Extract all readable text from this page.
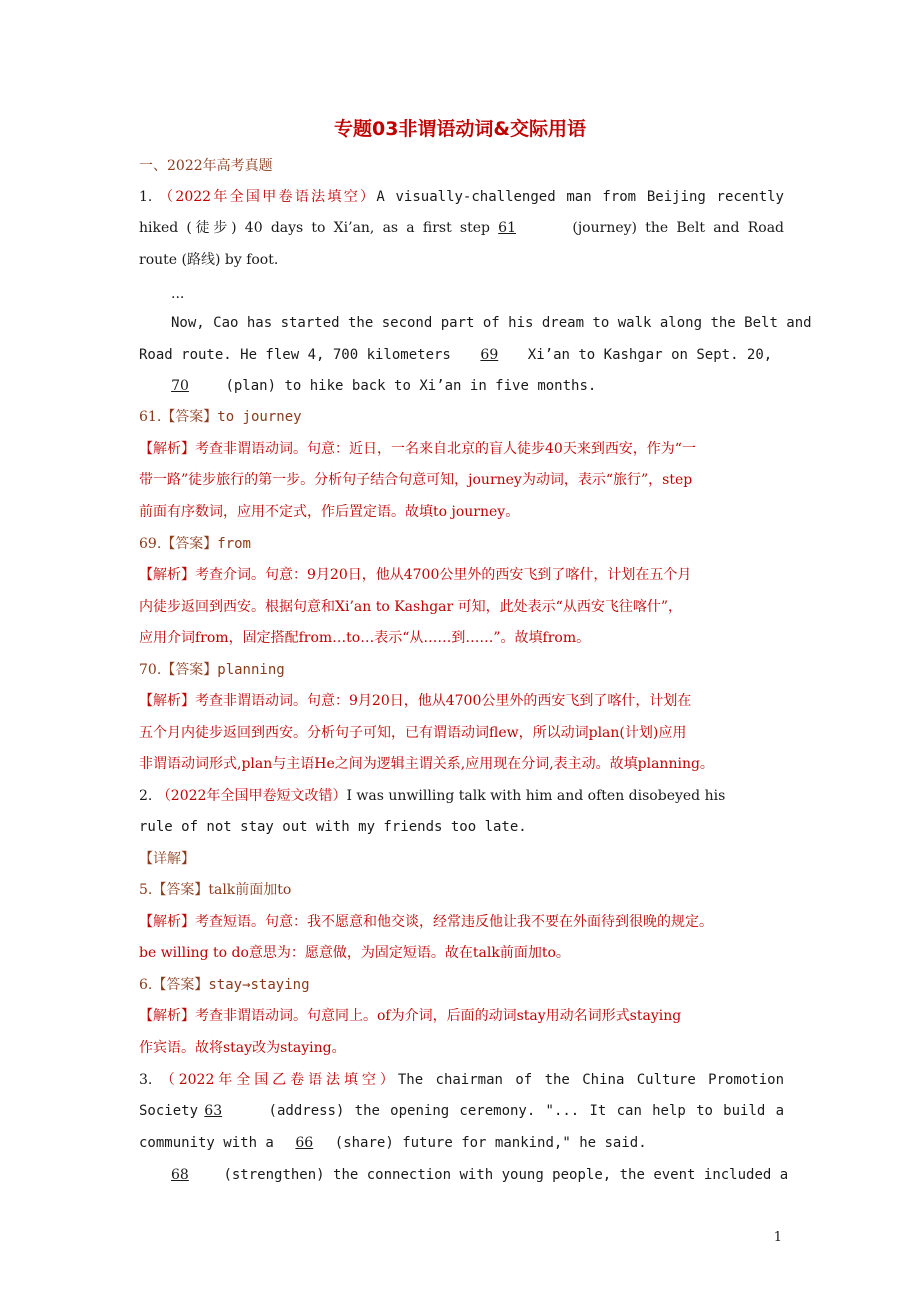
专题03非谓语动词&交际用语
一、2022年高考真题
1. （2022年全国甲卷语法填空）A visually-challenged man from Beijing recently
hiked (徒步) 40 days to Xi’an, as a first step 61	(journey) the Belt and Road
route (路线) by foot.
...
Now, Cao has started the second part of his dream to walk along the Belt and
Road route. He flew 4, 700 kilometers 69 Xi’an to Kashgar on Sept. 20,
70	(plan) to hike back to Xi’an in five months.
61.【答案】to journey
【解析】考查非谓语动词。句意：近日，一名来自北京的盲人徒步40天来到西安，作为“一
带一路”徒步旅行的第一步。分析句子结合句意可知，journey为动词，表示“旅行”，step
前面有序数词，应用不定式，作后置定语。故填to journey。
69.【答案】from
【解析】考查介词。句意：9月20日，他从4700公里外的西安飞到了喀什，计划在五个月
内徒步返回到西安。根据句意和Xi’an to Kashgar 可知，此处表示“从西安飞往喀什”，
应用介词from，固定搭配from…to…表示“从……到……”。故填from。
70.【答案】planning
【解析】考查非谓语动词。句意：9月20日，他从4700公里外的西安飞到了喀什，计划在
五个月内徒步返回到西安。分析句子可知，已有谓语动词flew，所以动词plan(计划)应用
非谓语动词形式,plan与主语He之间为逻辑主谓关系,应用现在分词,表主动。故填planning。
2. （2022年全国甲卷短文改错）I was unwilling talk with him and often disobeyed his
rule of not stay out with my friends too late.
【详解】
5.【答案】talk前面加to
【解析】考查短语。句意：我不愿意和他交谈，经常违反他让我不要在外面待到很晚的规定。
be willing to do意思为：愿意做，为固定短语。故在talk前面加to。
6.【答案】stay→staying
【解析】考查非谓语动词。句意同上。of为介词，后面的动词stay用动名词形式staying
作宾语。故将stay改为staying。
3. （2022年全国乙卷语法填空）The chairman of the China Culture Promotion
Society 63	(address) the opening ceremony. "... It can help to build a
community with a 66 (share) future for mankind," he said.
68 (strengthen) the connection with young people, the event included a
1
